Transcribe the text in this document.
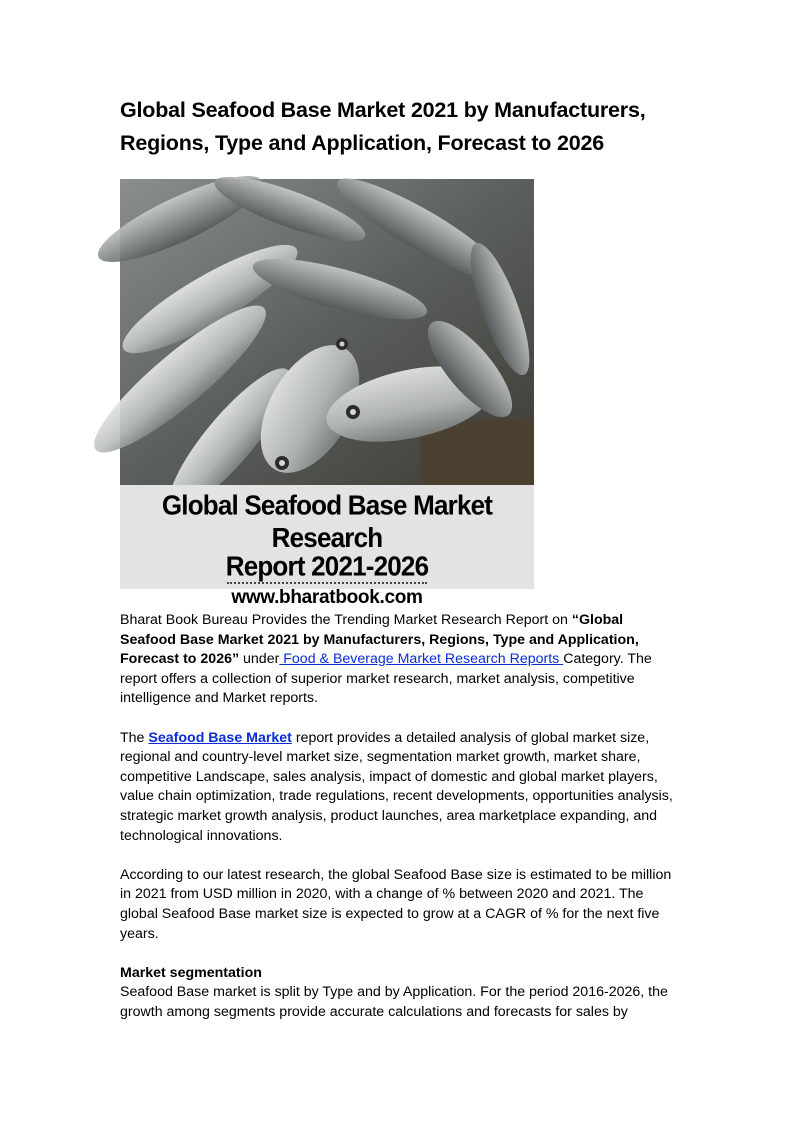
Global Seafood Base Market 2021 by Manufacturers, Regions, Type and Application, Forecast to 2026
Global Seafood Base Market Research
Report 2021-2026
www.bharatbook.com

Bharat Book Bureau Provides the Trending Market Research Report on “Global Seafood Base Market 2021 by Manufacturers, Regions, Type and Application, Forecast to 2026” under Food & Beverage Market Research Reports Category. The report offers a collection of superior market research, market analysis, competitive intelligence and Market reports.

The Seafood Base Market report provides a detailed analysis of global market size, regional and country-level market size, segmentation market growth, market share, competitive Landscape, sales analysis, impact of domestic and global market players, value chain optimization, trade regulations, recent developments, opportunities analysis, strategic market growth analysis, product launches, area marketplace expanding, and technological innovations.

According to our latest research, the global Seafood Base size is estimated to be million in 2021 from USD million in 2020, with a change of % between 2020 and 2021. The global Seafood Base market size is expected to grow at a CAGR of % for the next five years.

Market segmentation

Seafood Base market is split by Type and by Application. For the period 2016-2026, the growth among segments provide accurate calculations and forecasts for sales by
